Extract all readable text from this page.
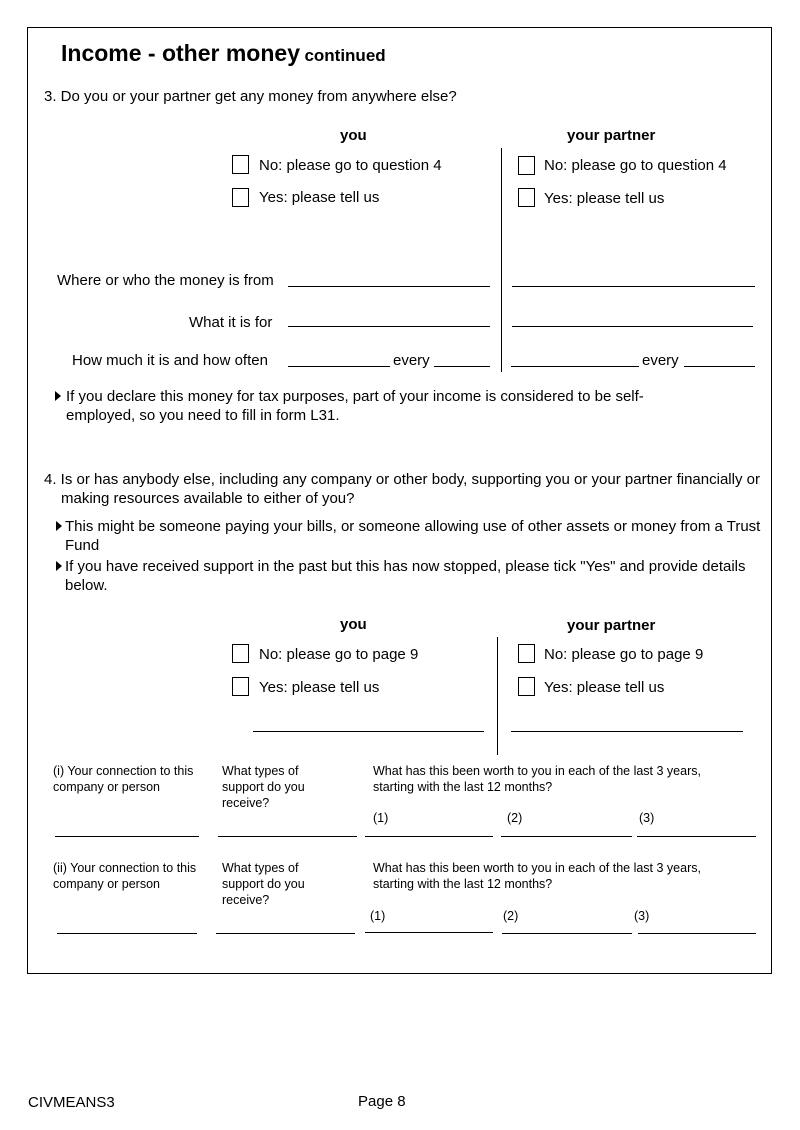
Income - other money continued
3. Do you or your partner get any money from anywhere else?
you	your partner
No: please go to question 4
Yes: please tell us
No: please go to question 4
Yes: please tell us
Where or who the money is from
What it is for
How much it is and how often	every	every
If you declare this money for tax purposes, part of your income is considered to be self-employed, so you need to fill in form L31.
4. Is or has anybody else, including any company or other body, supporting you or your partner financially or making resources available to either of you?
This might be someone paying your bills, or someone allowing use of other assets or money from a Trust Fund
If you have received support in the past but this has now stopped, please tick "Yes" and provide details below.
you	your partner
No: please go to page 9
Yes: please tell us
No: please go to page 9
Yes: please tell us
(i) Your connection to this company or person
What types of support do you receive?
What has this been worth to you in each of the last 3 years, starting with the last 12 months?
(1)	(2)	(3)
(ii) Your connection to this company or person
What types of support do you receive?
What has this been worth to you in each of the last 3 years, starting with the last 12 months?
(1)	(2)	(3)
CIVMEANS3	Page 8
